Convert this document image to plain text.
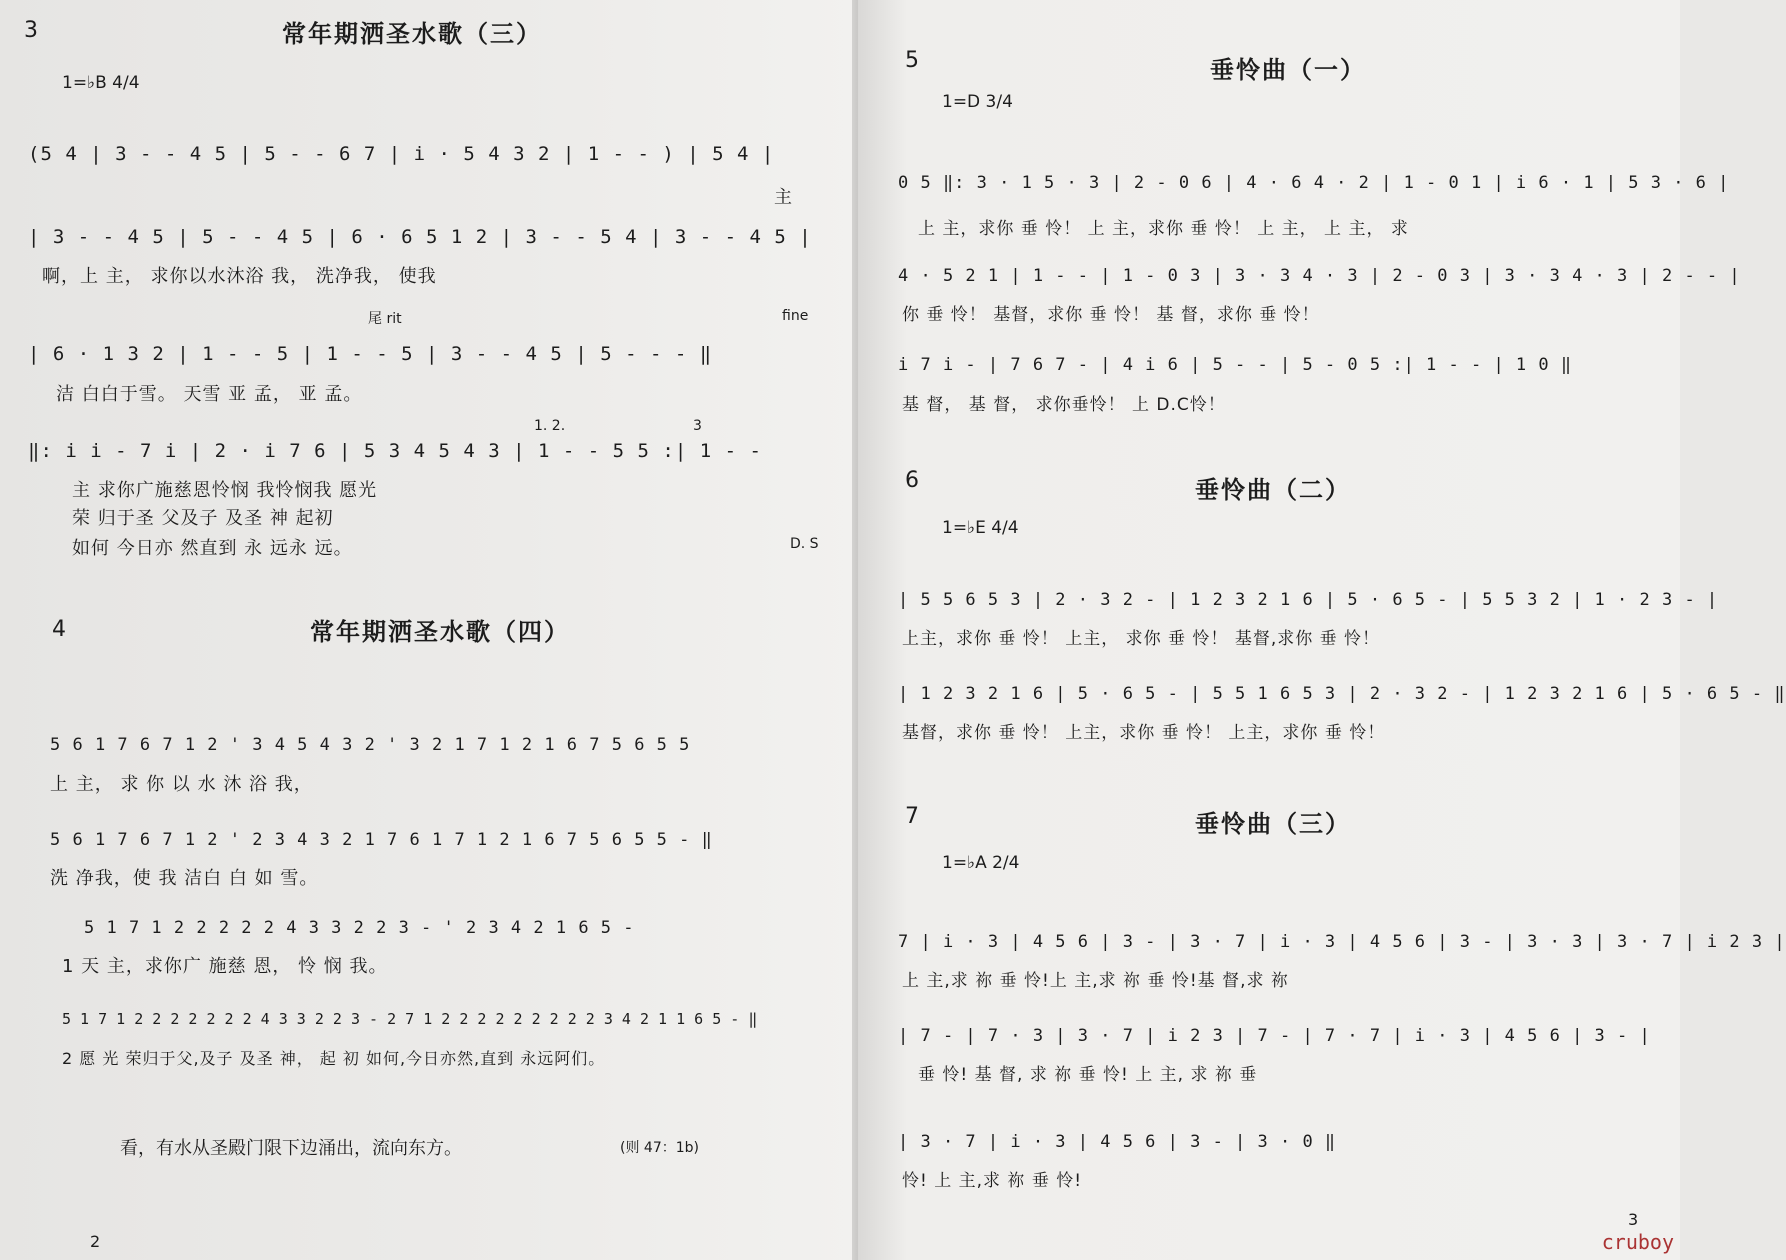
3	常年期洒圣水歌（三）
1=♭B 4/4
(5 4 | 3 - - 4 5 | 5 - - 6 7 | i · 5 4 3 2 | 1 - - ) | 5 4 |
主
| 3 - - 4 5 | 5 - - 4 5 | 6 · 6 5 1 2 | 3 - - 5 4 | 3 - - 4 5 |
啊，上 主， 求你以水沐浴 我， 洗净我， 使我
尾 rit	fine
| 6 · 1 3 2 | 1 - - 5 | 1 - - 5 | 3 - - 4 5 | 5 - - - ‖
洁 白白于雪。 天雪 亚 孟， 亚 孟。
1. 2.	3
‖: i i - 7 i | 2 · i 7 6 | 5 3 4 5 4 3 | 1 - - 5 5 :| 1 - -
主 求你广施慈恩怜悯 我怜悯我 愿光
荣 归于圣 父及子 及圣 神 起初
如何 今日亦 然直到 永 远永 远。	D. S
4	常年期洒圣水歌（四）
5 6 1 7 6 7 1 2 ' 3 4 5 4 3 2 ' 3 2 1 7 1 2 1 6 7 5 6 5 5
上 主， 求 你 以 水 沐 浴 我，
5 6 1 7 6 7 1 2 ' 2 3 4 3 2 1 7 6 1 7 1 2 1 6 7 5 6 5 5 - ‖
洗 净我，使 我 洁白 白 如 雪。
5 1 7 1 2 2 2 2 2 4 3 3 2 2 3 - ' 2 3 4 2 1 6 5 -
1 天 主，求你广 施慈 恩， 怜 悯 我。
5 1 7 1 2 2 2 2 2 2 2 4 3 3 2 2 3 - 2 7 1 2 2 2 2 2 2 2 2 2 3 4 2 1 1 6 5 - ‖
2 愿 光 荣归于父,及子 及圣 神， 起 初 如何,今日亦然,直到 永远阿们。
看，有水从圣殿门限下边涌出，流向东方。	(则 47：1b)
2
5	垂怜曲（一）
1=D 3/4
0 5 ‖: 3 · 1 5 · 3 | 2 - 0 6 | 4 · 6 4 · 2 | 1 - 0 1 | i 6 · 1 | 5 3 · 6 |
上 主，求你 垂 怜！ 上 主，求你 垂 怜！ 上 主， 上 主， 求
4 · 5 2 1 | 1 - - | 1 - 0 3 | 3 · 3 4 · 3 | 2 - 0 3 | 3 · 3 4 · 3 | 2 - - |
你 垂 怜！ 基督，求你 垂 怜！ 基 督，求你 垂 怜！
i 7 i - | 7 6 7 - | 4 i 6 | 5 - - | 5 - 0 5 :| 1 - - | 1 0 ‖
基 督， 基 督， 求你垂怜！ 上 D.C怜！
6	垂怜曲（二）
1=♭E 4/4
| 5 5 6 5 3 | 2 · 3 2 - | 1 2 3 2 1 6 | 5 · 6 5 - | 5 5 3 2 | 1 · 2 3 - |
上主，求你 垂 怜！ 上主， 求你 垂 怜！ 基督,求你 垂 怜！
| 1 2 3 2 1 6 | 5 · 6 5 - | 5 5 1 6 5 3 | 2 · 3 2 - | 1 2 3 2 1 6 | 5 · 6 5 - ‖
基督，求你 垂 怜！ 上主，求你 垂 怜！ 上主，求你 垂 怜！
7	垂怜曲（三）
1=♭A 2/4
7 | i · 3 | 4 5 6 | 3 - | 3 · 7 | i · 3 | 4 5 6 | 3 - | 3 · 3 | 3 · 7 | i 2 3 |
上 主,求 祢 垂 怜!上 主,求 祢 垂 怜!基 督,求 祢
| 7 - | 7 · 3 | 3 · 7 | i 2 3 | 7 - | 7 · 7 | i · 3 | 4 5 6 | 3 - |
垂 怜! 基 督, 求 祢 垂 怜! 上 主, 求 祢 垂
| 3 · 7 | i · 3 | 4 5 6 | 3 - | 3 · 0 ‖
怜! 上 主,求 祢 垂 怜!
3
cruboy
